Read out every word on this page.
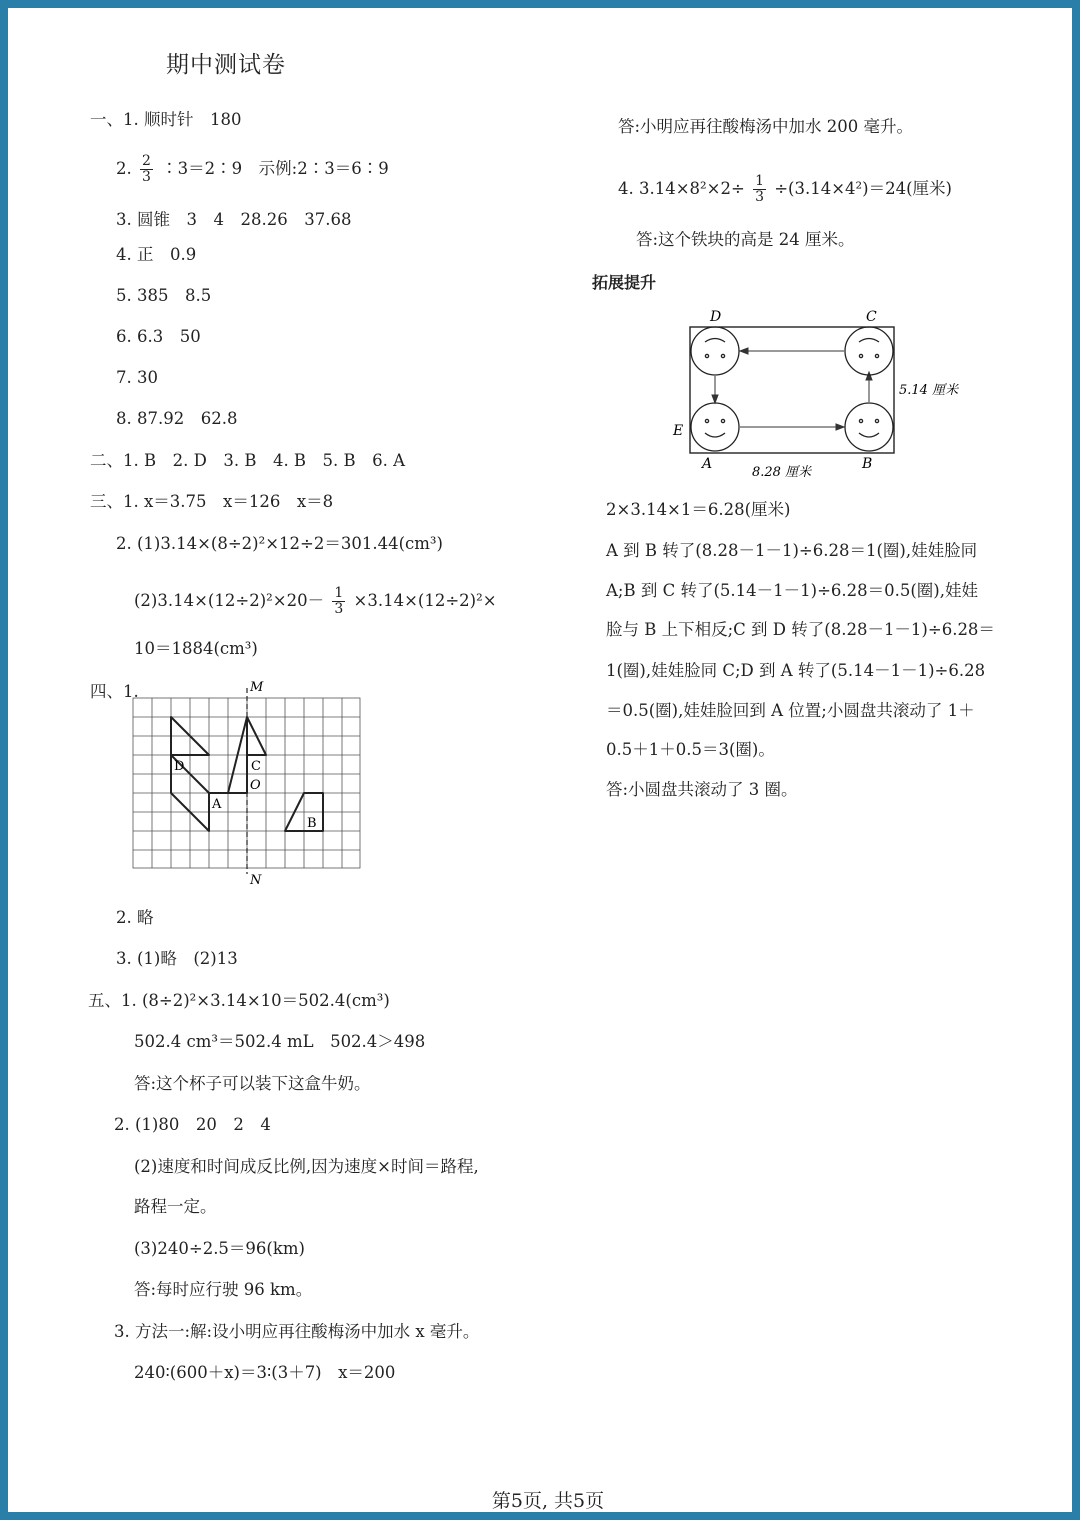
期中测试卷
一、1. 顺时针　180
2. $\frac{2}{3}$ ∶3＝2∶9　示例:2∶3＝6∶9
3. 圆锥　3　4　28.26　37.68
4. 正　0.9
5. 385　8.5
6. 6.3　50
7. 30
8. 87.92　62.8
二、1. B　2. D　3. B　4. B　5. B　6. A
三、1. x＝3.75　x＝126　x＝8
2. (1)3.14×(8÷2)²×12÷2＝301.44(cm³)
$(2)3.14\times(12\div 2)^2\times 20- \frac{1}{3} \times 3.14\times(12\div 2)^2\times$
10＝1884(cm³)
四、1.	M
N
D	C
O
A
B
2. 略
3. (1)略　(2)13
五、1. (8÷2)²×3.14×10＝502.4(cm³)
502.4 cm³＝502.4 mL　502.4＞498
答:这个杯子可以装下这盒牛奶。
2. (1)80　20　2　4
(2)速度和时间成反比例,因为速度×时间＝路程,
路程一定。
(3)240÷2.5＝96(km)
答:每时应行驶 96 km。
3. 方法一:解:设小明应再往酸梅汤中加水 x 毫升。
240∶(600＋x)＝3∶(3＋7)　x＝200
答:小明应再往酸梅汤中加水 200 毫升。
4. $3.14\times 8^2\times 2\div \frac{1}{3} \div(3.14\times 4^2)=24$(厘米)
答:这个铁块的高是 24 厘米。
拓展提升
D	C
E
A	B
8.28 厘米
5.14 厘米
2×3.14×1＝6.28(厘米)
A 到 B 转了(8.28－1－1)÷6.28＝1(圈),娃娃脸同
A;B 到 C 转了(5.14－1－1)÷6.28＝0.5(圈),娃娃
脸与 B 上下相反;C 到 D 转了(8.28－1－1)÷6.28＝
1(圈),娃娃脸同 C;D 到 A 转了(5.14－1－1)÷6.28
＝0.5(圈),娃娃脸回到 A 位置;小圆盘共滚动了 1＋
0.5＋1＋0.5＝3(圈)。
答:小圆盘共滚动了 3 圈。
第5页, 共5页
